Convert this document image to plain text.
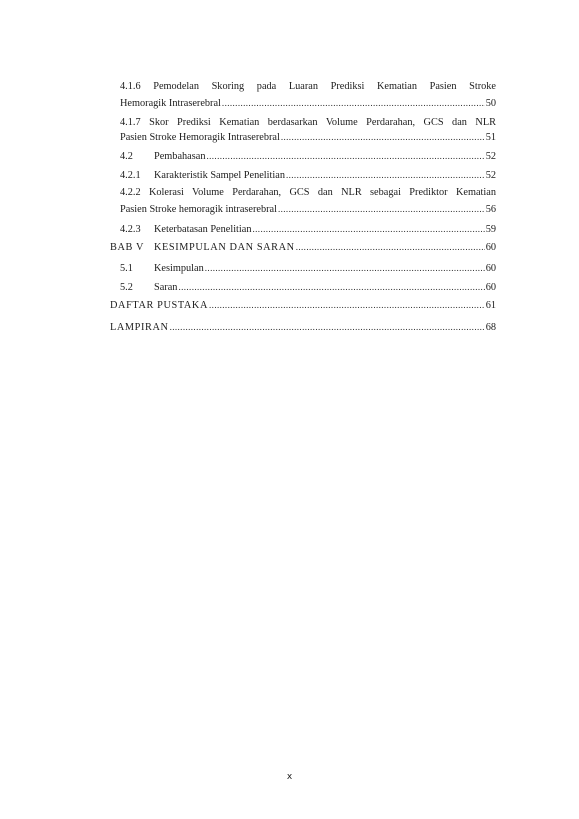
4.1.6 Pemodelan Skoring pada Luaran Prediksi Kematian Pasien Stroke
Hemoragik Intraserebral .....	50
4.1.7 Skor Prediksi Kematian berdasarkan Volume Perdarahan, GCS dan NLR
Pasien Stroke Hemoragik Intraserebral .....	51
4.2	Pembahasan .....	52
4.2.1	Karakteristik Sampel Penelitian .....	52
4.2.2 Kolerasi Volume Perdarahan, GCS dan NLR sebagai Prediktor Kematian
Pasien Stroke hemoragik intraserebral .....	56
4.2.3	Keterbatasan Penelitian .....	59
BAB V KESIMPULAN DAN SARAN .....	60
5.1	Kesimpulan .....	60
5.2	Saran .....	60
DAFTAR PUSTAKA .....	61
LAMPIRAN .....	68
x
